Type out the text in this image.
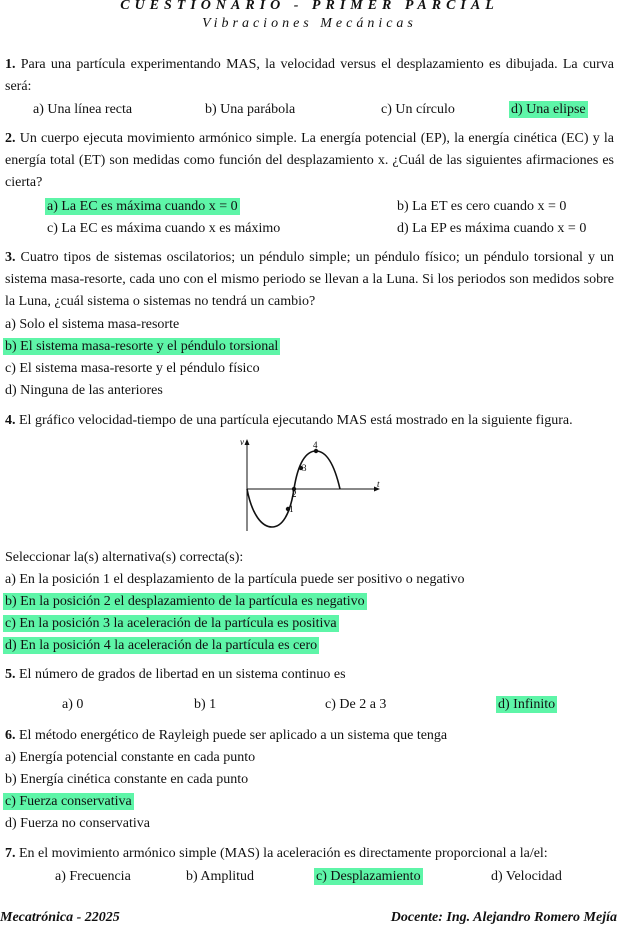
CUESTIONARIO - PRIMER PARCIAL
Vibraciones Mecánicas
1. Para una partícula experimentando MAS, la velocidad versus el desplazamiento es dibujada. La curva será:
a) Una línea recta	b) Una parábola	c) Un círculo	d) Una elipse
2. Un cuerpo ejecuta movimiento armónico simple. La energía potencial (EP), la energía cinética (EC) y la energía total (ET) son medidas como función del desplazamiento x. ¿Cuál de las siguientes afirmaciones es cierta?
a) La EC es máxima cuando x = 0	b) La ET es cero cuando x = 0
c) La EC es máxima cuando x es máximo	d) La EP es máxima cuando x = 0
3. Cuatro tipos de sistemas oscilatorios; un péndulo simple; un péndulo físico; un péndulo torsional y un sistema masa-resorte, cada uno con el mismo periodo se llevan a la Luna. Si los periodos son medidos sobre la Luna, ¿cuál sistema o sistemas no tendrá un cambio?
a) Solo el sistema masa-resorte
b) El sistema masa-resorte y el péndulo torsional
c) El sistema masa-resorte y el péndulo físico
d) Ninguna de las anteriores
4. El gráfico velocidad-tiempo de una partícula ejecutando MAS está mostrado en la siguiente figura.
v
t
1
2
3
4
Seleccionar la(s) alternativa(s) correcta(s):
a) En la posición 1 el desplazamiento de la partícula puede ser positivo o negativo
b) En la posición 2 el desplazamiento de la partícula es negativo
c) En la posición 3 la aceleración de la partícula es positiva
d) En la posición 4 la aceleración de la partícula es cero
5. El número de grados de libertad en un sistema continuo es
a) 0	b) 1	c) De 2 a 3	d) Infinito
6. El método energético de Rayleigh puede ser aplicado a un sistema que tenga
a) Energía potencial constante en cada punto
b) Energía cinética constante en cada punto
c) Fuerza conservativa
d) Fuerza no conservativa
7. En el movimiento armónico simple (MAS) la aceleración es directamente proporcional a la/el:
a) Frecuencia	b) Amplitud	c) Desplazamiento	d) Velocidad
Mecatrónica - 22025	Docente: Ing. Alejandro Romero Mejía
